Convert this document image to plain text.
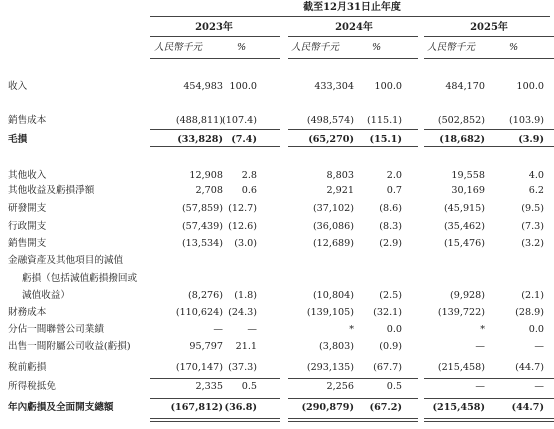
截至12月31日止年度
2023年	2024年	2025年
人民幣千元	%	人民幣千元	%	人民幣千元	%
收入	454,983 100.0	433,304	100.0	484,170	100.0
銷售成本	(488,811) (107.4)	(498,574)	(115.1)	(502,852)	(103.9)
毛損	(33,828) (7.4)	(65,270)	(15.1)	(18,682)	(3.9)
其他收入	12,908	2.8	8,803	2.0	19,558	4.0
其他收益及虧損淨額	2,708	0.6	2,921	0.7	30,169	6.2
研發開支	(57,859) (12.7)	(37,102)	(8.6)	(45,915)	(9.5)
行政開支	(57,439) (12.6)	(36,086)	(8.3)	(35,462)	(7.3)
銷售開支	(13,534)	(3.0)	(12,689)	(2.9)	(15,476)	(3.2)
金融資產及其他項目的減值
虧損（包括減值虧損撥回或
減值收益）	(8,276)	(1.8)	(10,804)	(2.5)	(9,928)	(2.1)
財務成本	(110,624) (24.3)	(139,105)	(32.1)	(139,722)	(28.9)
分佔一間聯營公司業績	—	—	*	0.0	*	0.0
出售一間附屬公司收益(虧損)	95,797	21.1	(3,803)	(0.9)	—	—
稅前虧損	(170,147) (37.3)	(293,135)	(67.7)	(215,458)	(44.7)
所得稅抵免	2,335	0.5	2,256	0.5	—	—
年內虧損及全面開支總額	(167,812) (36.8)	(290,879)	(67.2)	(215,458)	(44.7)
